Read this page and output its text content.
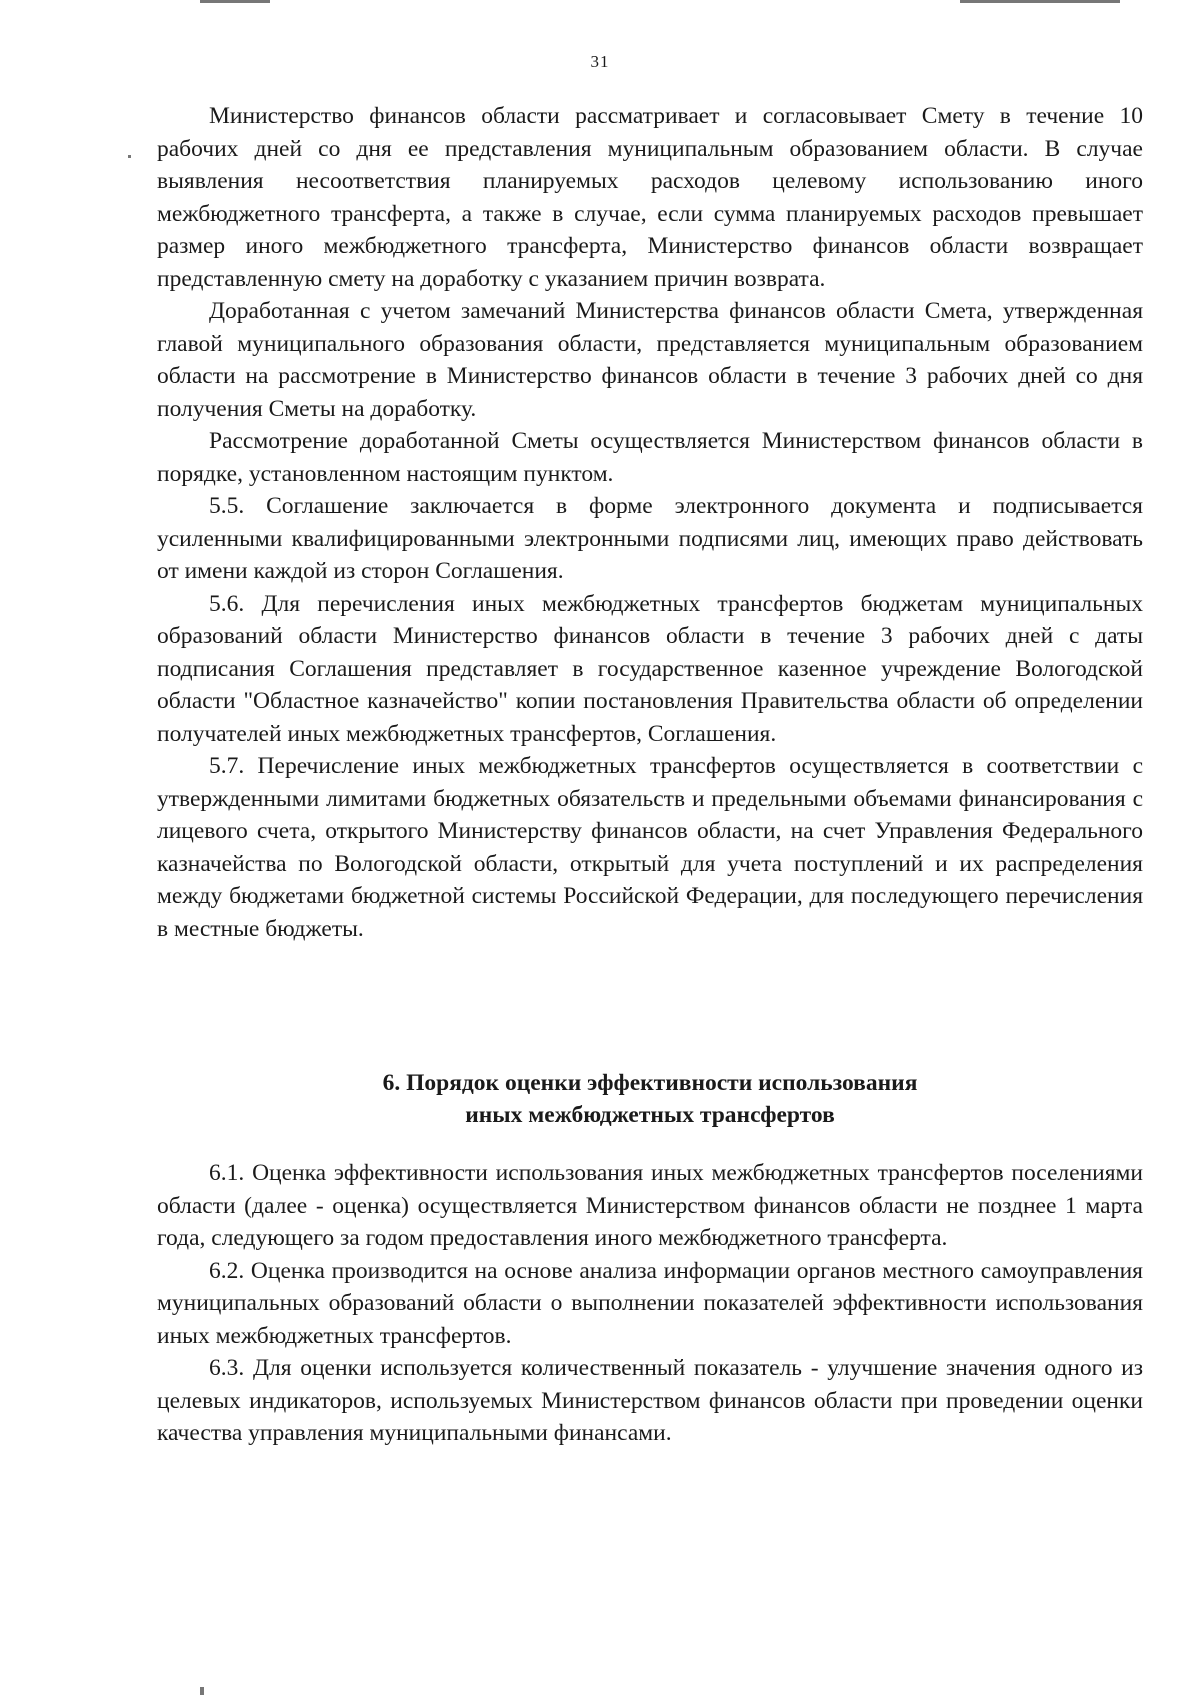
31

Министерство финансов области рассматривает и согласовывает Смету в течение 10 рабочих дней со дня ее представления муниципальным образованием области. В случае выявления несоответствия планируемых расходов целевому использованию иного межбюджетного трансферта, а также в случае, если сумма планируемых расходов превышает размер иного межбюджетного трансферта, Министерство финансов области возвращает представленную смету на доработку с указанием причин возврата.

Доработанная с учетом замечаний Министерства финансов области Смета, утвержденная главой муниципального образования области, представляется муниципальным образованием области на рассмотрение в Министерство финансов области в течение 3 рабочих дней со дня получения Сметы на доработку.

Рассмотрение доработанной Сметы осуществляется Министерством финансов области в порядке, установленном настоящим пунктом.

5.5. Соглашение заключается в форме электронного документа и подписывается усиленными квалифицированными электронными подписями лиц, имеющих право действовать от имени каждой из сторон Соглашения.

5.6. Для перечисления иных межбюджетных трансфертов бюджетам муниципальных образований области Министерство финансов области в течение 3 рабочих дней с даты подписания Соглашения представляет в государственное казенное учреждение Вологодской области "Областное казначейство" копии постановления Правительства области об определении получателей иных межбюджетных трансфертов, Соглашения.

5.7. Перечисление иных межбюджетных трансфертов осуществляется в соответствии с утвержденными лимитами бюджетных обязательств и предельными объемами финансирования с лицевого счета, открытого Министерству финансов области, на счет Управления Федерального казначейства по Вологодской области, открытый для учета поступлений и их распределения между бюджетами бюджетной системы Российской Федерации, для последующего перечисления в местные бюджеты.

6. Порядок оценки эффективности использования
иных межбюджетных трансфертов

6.1. Оценка эффективности использования иных межбюджетных трансфертов поселениями области (далее - оценка) осуществляется Министерством финансов области не позднее 1 марта года, следующего за годом предоставления иного межбюджетного трансферта.

6.2. Оценка производится на основе анализа информации органов местного самоуправления муниципальных образований области о выполнении показателей эффективности использования иных межбюджетных трансфертов.

6.3. Для оценки используется количественный показатель - улучшение значения одного из целевых индикаторов, используемых Министерством финансов области при проведении оценки качества управления муниципальными финансами.
